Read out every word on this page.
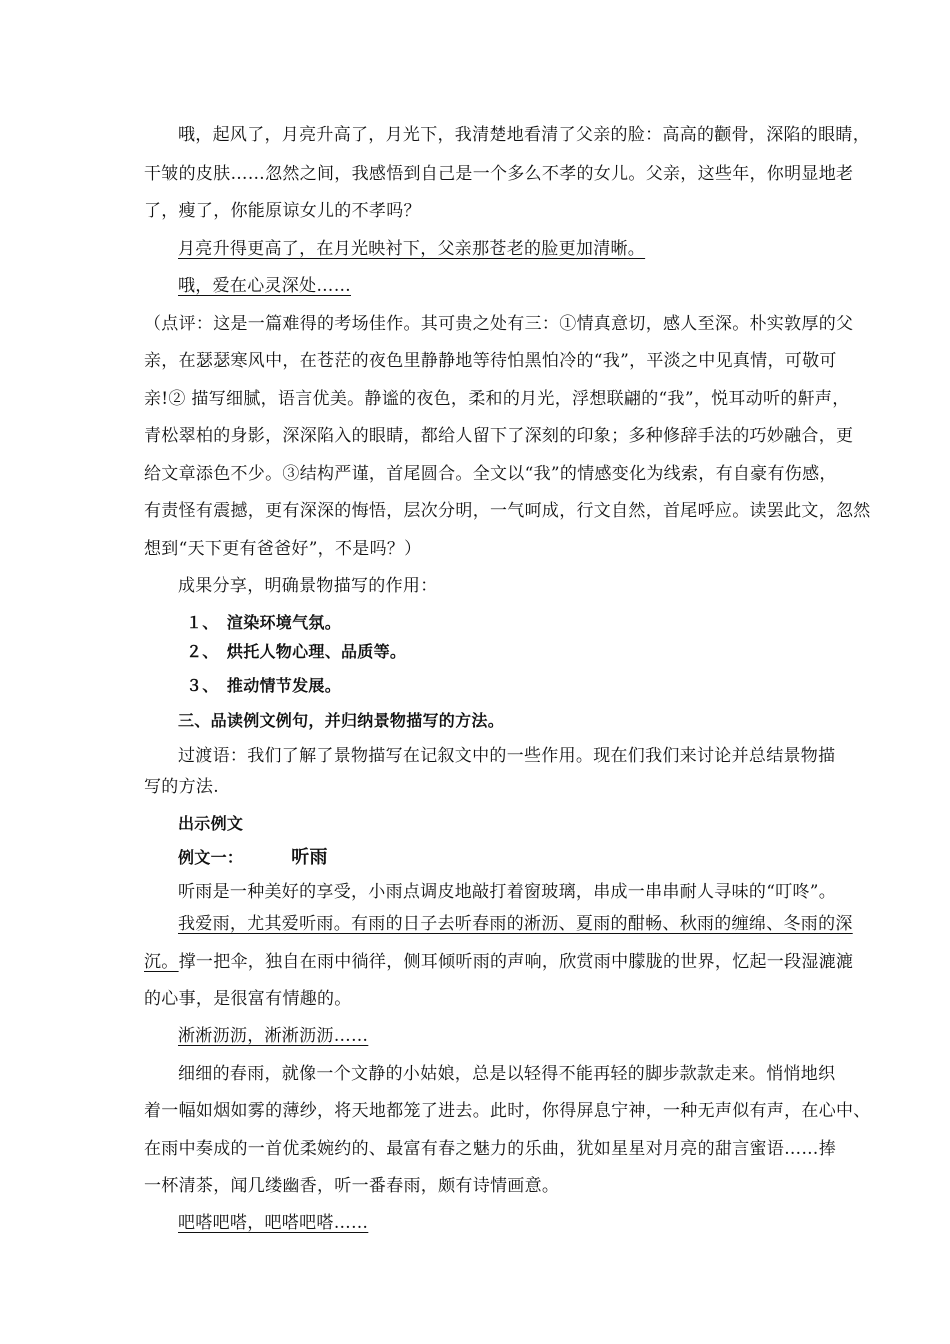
哦，起风了，月亮升高了，月光下，我清楚地看清了父亲的脸：高高的颧骨，深陷的眼睛，

干皱的皮肤……忽然之间，我感悟到自己是一个多么不孝的女儿。父亲，这些年，你明显地老

了，瘦了，你能原谅女儿的不孝吗？

月亮升得更高了，在月光映衬下，父亲那苍老的脸更加清晰。

哦，爱在心灵深处……

（点评：这是一篇难得的考场佳作。其可贵之处有三：①情真意切，感人至深。朴实敦厚的父

亲，在瑟瑟寒风中，在苍茫的夜色里静静地等待怕黑怕冷的“我”，平淡之中见真情，可敬可

亲!② 描写细腻，语言优美。静谧的夜色，柔和的月光，浮想联翩的“我”，悦耳动听的鼾声，

青松翠柏的身影，深深陷入的眼睛，都给人留下了深刻的印象；多种修辞手法的巧妙融合，更

给文章添色不少。③结构严谨，首尾圆合。全文以“我”的情感变化为线索，有自豪有伤感，

有责怪有震撼，更有深深的悔悟，层次分明，一气呵成，行文自然，首尾呼应。读罢此文，忽然

想到“天下更有爸爸好”，不是吗？）

成果分享，明确景物描写的作用：

１、　渲染环境气氛。

２、　烘托人物心理、品质等。

３、　推动情节发展。

三、品读例文例句，并归纳景物描写的方法。

过渡语：我们了解了景物描写在记叙文中的一些作用。现在们我们来讨论并总结景物描

写的方法.

出示例文

例文一：	听雨

听雨是一种美好的享受，小雨点调皮地敲打着窗玻璃，串成一串串耐人寻味的“叮咚”。

我爱雨，尤其爱听雨。有雨的日子去听春雨的淅沥、夏雨的酣畅、秋雨的缠绵、冬雨的深

沉。撑一把伞，独自在雨中徜徉，侧耳倾听雨的声响，欣赏雨中朦胧的世界，忆起一段湿漉漉

的心事，是很富有情趣的。

淅淅沥沥，淅淅沥沥……

细细的春雨，就像一个文静的小姑娘，总是以轻得不能再轻的脚步款款走来。悄悄地织

着一幅如烟如雾的薄纱，将天地都笼了进去。此时，你得屏息宁神，一种无声似有声，在心中、

在雨中奏成的一首优柔婉约的、最富有春之魅力的乐曲，犹如星星对月亮的甜言蜜语……捧

一杯清茶，闻几缕幽香，听一番春雨，颇有诗情画意。

吧嗒吧嗒，吧嗒吧嗒……
